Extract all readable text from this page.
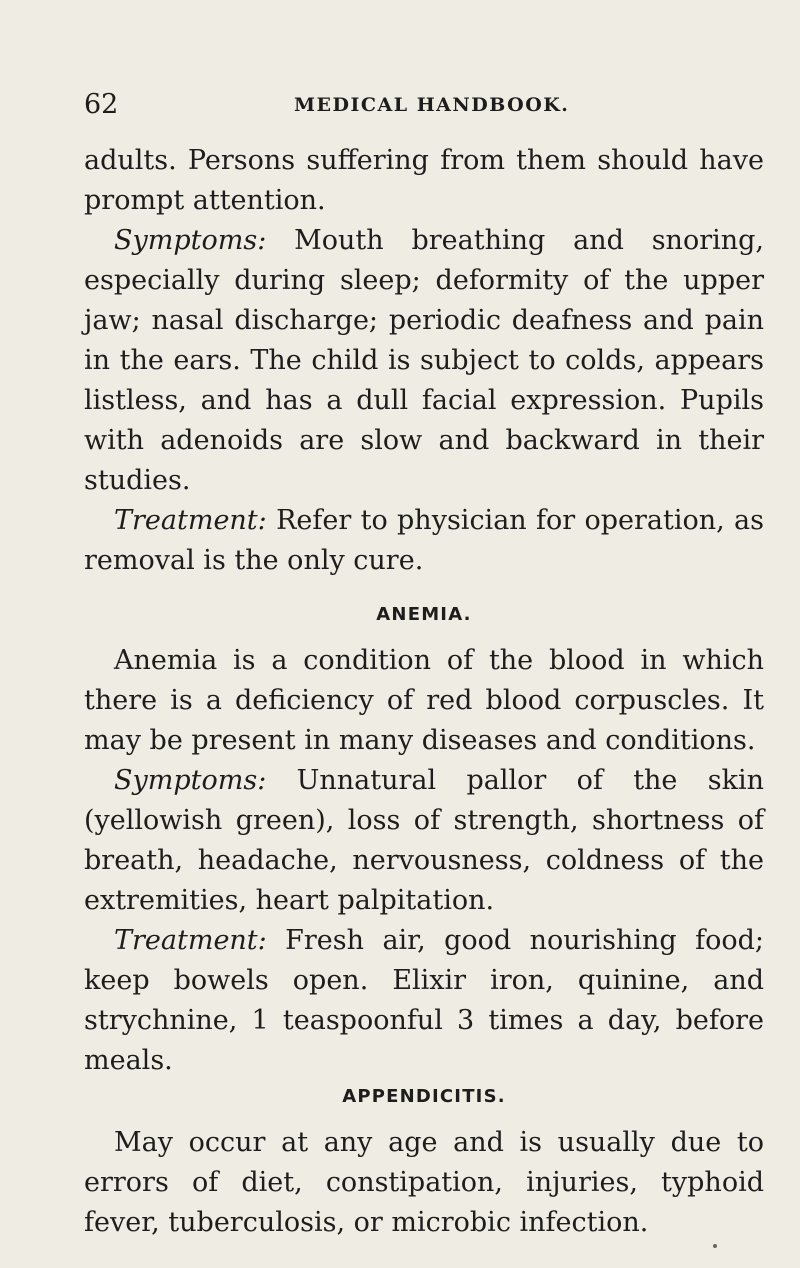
62	MEDICAL HANDBOOK.

adults. Persons suffering from them should have prompt attention.

Symptoms: Mouth breathing and snoring, especially during sleep; deformity of the upper jaw; nasal discharge; periodic deafness and pain in the ears. The child is subject to colds, appears listless, and has a dull facial expression. Pupils with adenoids are slow and backward in their studies.

Treatment: Refer to physician for operation, as removal is the only cure.

ANEMIA.

Anemia is a condition of the blood in which there is a deficiency of red blood corpuscles. It may be present in many diseases and conditions.

Symptoms: Unnatural pallor of the skin (yellowish green), loss of strength, shortness of breath, headache, nervousness, coldness of the extremities, heart palpitation.

Treatment: Fresh air, good nourishing food; keep bowels open. Elixir iron, quinine, and strychnine, 1 teaspoonful 3 times a day, before meals.

APPENDICITIS.

May occur at any age and is usually due to errors of diet, constipation, injuries, typhoid fever, tuberculosis, or microbic infection.
